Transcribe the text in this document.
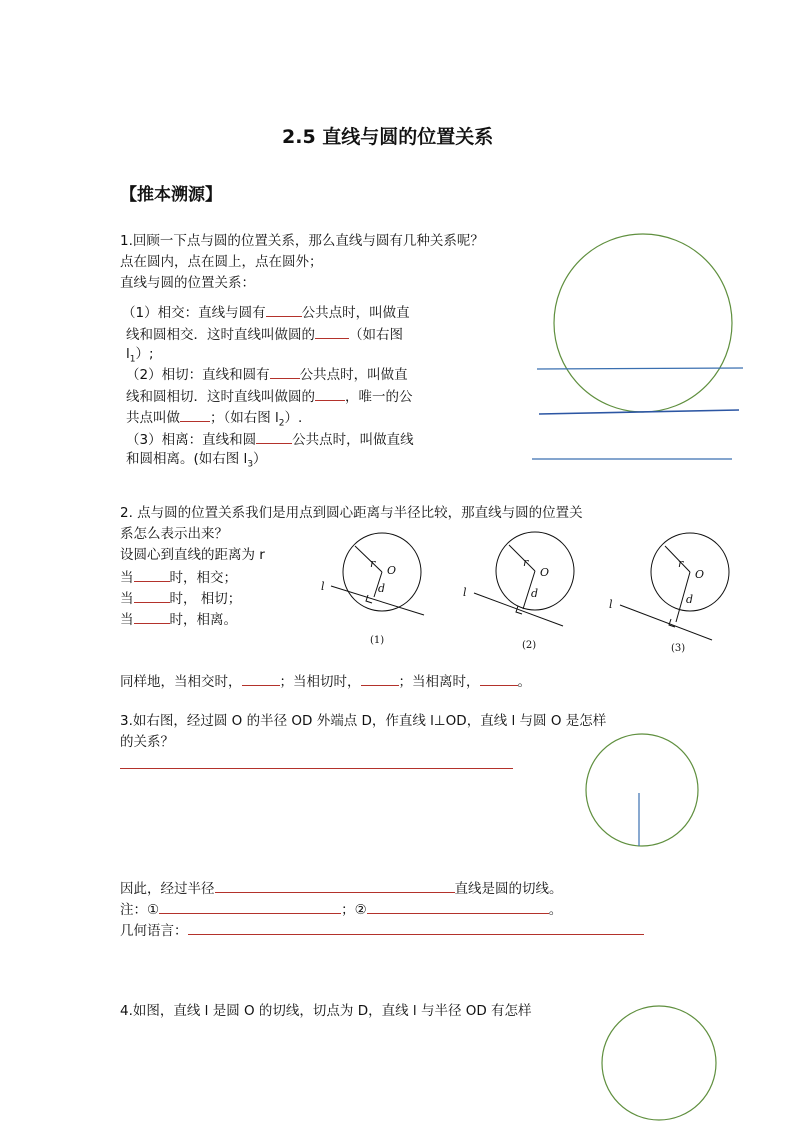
2.5 直线与圆的位置关系
【推本溯源】
1.回顾一下点与圆的位置关系，那么直线与圆有几种关系呢？
点在圆内，点在圆上，点在圆外；
直线与圆的位置关系：
（1）相交：直线与圆有	公共点时，叫做直
线和圆相交．这时直线叫做圆的	（如右图
$l_1$）;
（2）相切：直线和圆有 公共点时，叫做直
线和圆相切．这时直线叫做圆的 ，唯一的公
共点叫做 ；（如右图 $l_2$）.
（3）相离：直线和圆	公共点时，叫做直线
和圆相离。(如右图 $l_3$）
2. 点与圆的位置关系我们是用点到圆心距离与半径比较，那直线与圆的位置关
系怎么表示出来？
设圆心到直线的距离为 r
当	时，相交；
当	时， 相切；
当	时，相离。
r
O
d
l
(1)
r
O
d
l
(2)
r
O
d
l
(3)
同样地，当相交时，	；当相切时，	；当相离时，	。
3.如右图，经过圆 O 的半径 OD 外端点 D，作直线 l⊥OD，直线 l 与圆 O 是怎样
的关系？
因此，经过半径	直线是圆的切线。
注：①	；②	。
几何语言：
4.如图，直线 l 是圆 O 的切线，切点为 D，直线 l 与半径 OD 有怎样
